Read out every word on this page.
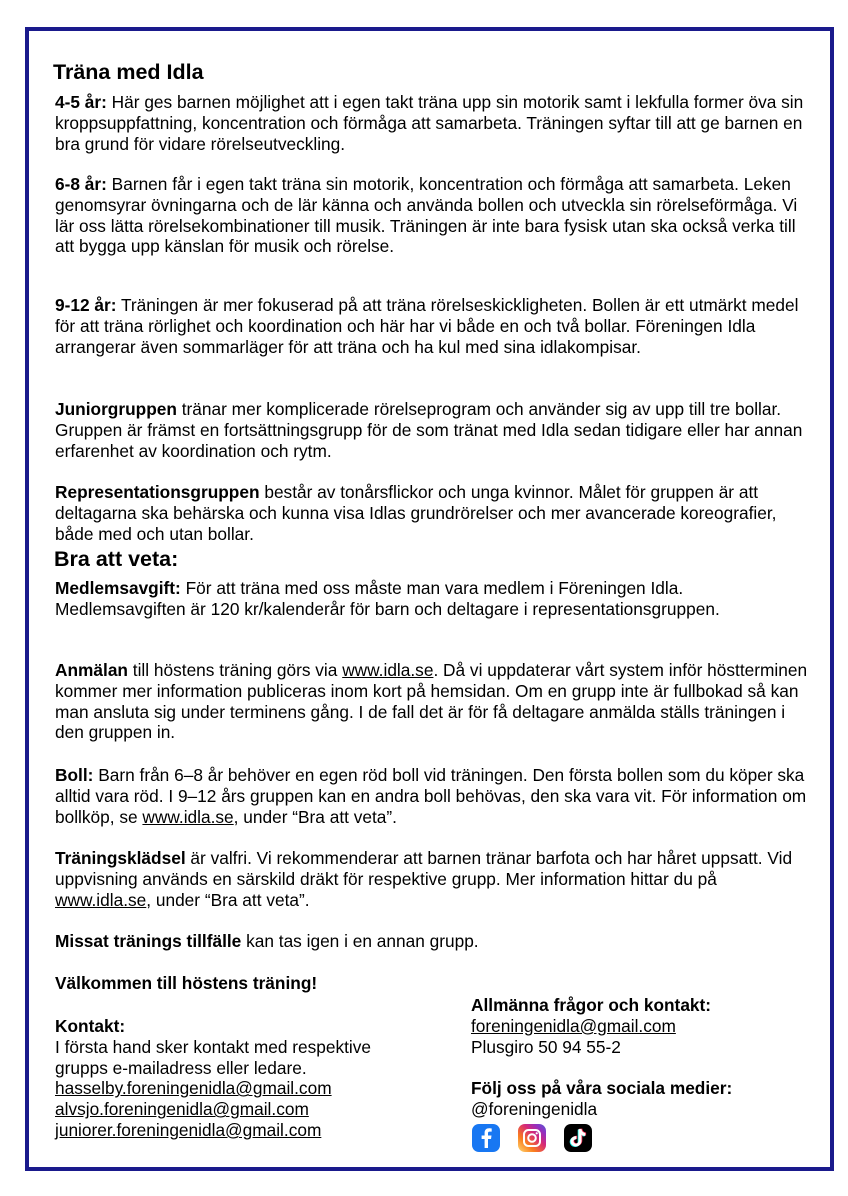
Träna med Idla

4-5 år: Här ges barnen möjlighet att i egen takt träna upp sin motorik samt i lekfulla former öva sin kroppsuppfattning, koncentration och förmåga att samarbeta. Träningen syftar till att ge barnen en bra grund för vidare rörelseutveckling.

6-8 år: Barnen får i egen takt träna sin motorik, koncentration och förmåga att samarbeta. Leken genomsyrar övningarna och de lär känna och använda bollen och utveckla sin rörelseförmåga. Vi lär oss lätta rörelsekombinationer till musik. Träningen är inte bara fysisk utan ska också verka till att bygga upp känslan för musik och rörelse.

9-12 år: Träningen är mer fokuserad på att träna rörelseskickligheten. Bollen är ett utmärkt medel för att träna rörlighet och koordination och här har vi både en och två bollar. Föreningen Idla arrangerar även sommarläger för att träna och ha kul med sina idlakompisar.

Juniorgruppen tränar mer komplicerade rörelseprogram och använder sig av upp till tre bollar. Gruppen är främst en fortsättningsgrupp för de som tränat med Idla sedan tidigare eller har annan erfarenhet av koordination och rytm.

Representationsgruppen består av tonårsflickor och unga kvinnor. Målet för gruppen är att deltagarna ska behärska och kunna visa Idlas grundrörelser och mer avancerade koreografier, både med och utan bollar.

Bra att veta:

Medlemsavgift: För att träna med oss måste man vara medlem i Föreningen Idla. Medlemsavgiften är 120 kr/kalenderår för barn och deltagare i representationsgruppen.

Anmälan till höstens träning görs via www.idla.se. Då vi uppdaterar vårt system inför höstterminen kommer mer information publiceras inom kort på hemsidan. Om en grupp inte är fullbokad så kan man ansluta sig under terminens gång. I de fall det är för få deltagare anmälda ställs träningen i den gruppen in.

Boll: Barn från 6–8 år behöver en egen röd boll vid träningen. Den första bollen som du köper ska alltid vara röd. I 9–12 års gruppen kan en andra boll behövas, den ska vara vit. För information om bollköp, se www.idla.se, under “Bra att veta”.

Träningsklädsel är valfri. Vi rekommenderar att barnen tränar barfota och har håret uppsatt. Vid uppvisning används en särskild dräkt för respektive grupp. Mer information hittar du på www.idla.se, under “Bra att veta”.

Missat tränings tillfälle kan tas igen i en annan grupp.

Välkommen till höstens träning!

Kontakt:
I första hand sker kontakt med respektive
grupps e-mailadress eller ledare.
hasselby.foreningenidla@gmail.com
alvsjo.foreningenidla@gmail.com
juniorer.foreningenidla@gmail.com
Allmänna frågor och kontakt:
foreningenidla@gmail.com
Plusgiro 50 94 55-2
Följ oss på våra sociala medier:
@foreningenidla
